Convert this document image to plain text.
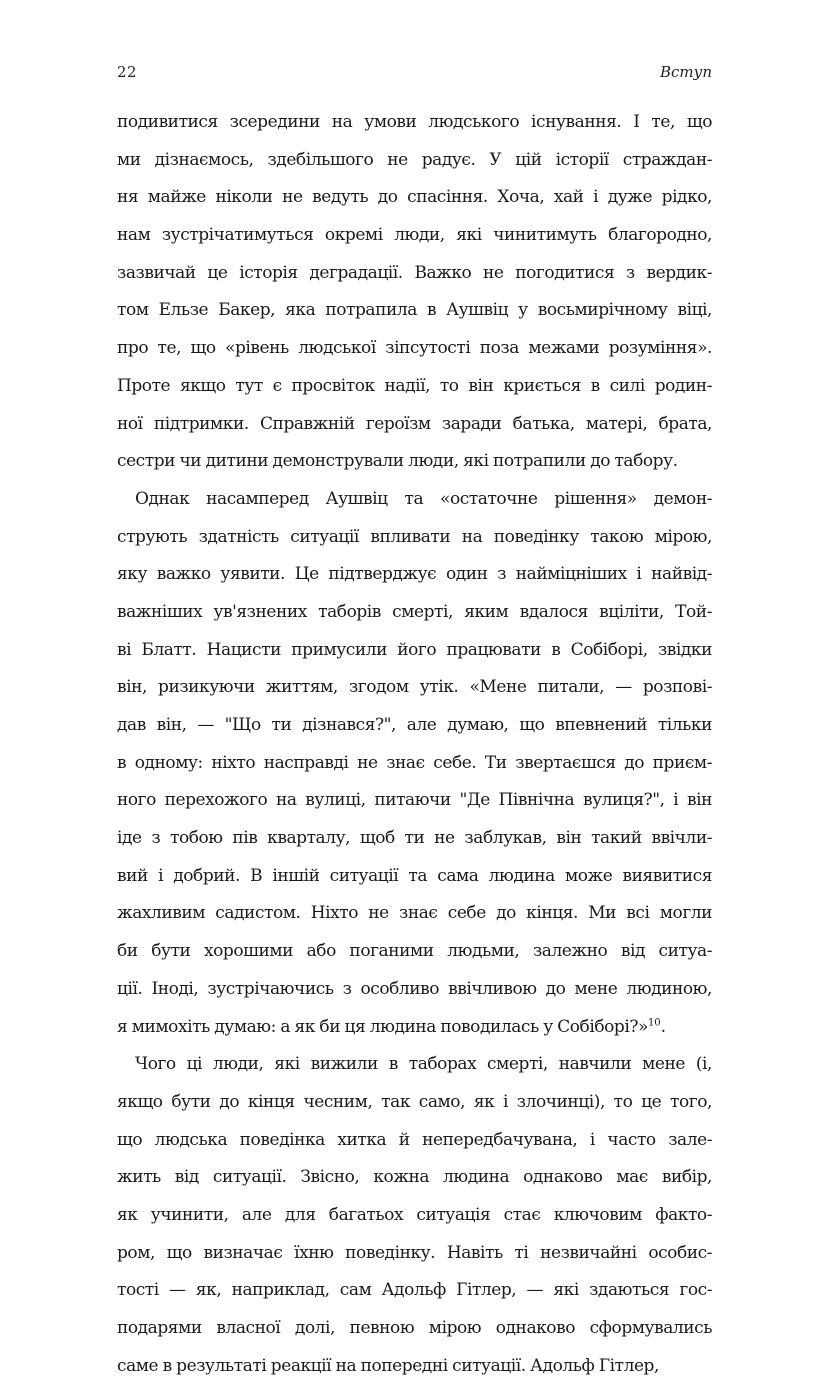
22	Вступ
подивитися зсередини на умови людського існування. І те, що
ми дізнаємось, здебільшого не радує. У цій історії страждан-
ня майже ніколи не ведуть до спасіння. Хоча, хай і дуже рідко,
нам зустрічатимуться окремі люди, які чинитимуть благородно,
зазвичай це історія деградації. Важко не погодитися з вердик-
том Ельзе Бакер, яка потрапила в Аушвіц у восьмирічному віці,
про те, що «рівень людської зіпсутості поза межами розуміння».
Проте якщо тут є просвіток надії, то він криється в силі родин-
ної підтримки. Справжній героїзм заради батька, матері, брата,
сестри чи дитини демонстрували люди, які потрапили до табору.
Однак насамперед Аушвіц та «остаточне рішення» демон-
струють здатність ситуації впливати на поведінку такою мірою,
яку важко уявити. Це підтверджує один з найміцніших і найвід-
важніших ув'язнених таборів смерті, яким вдалося вціліти, Той-
ві Блатт. Нацисти примусили його працювати в Собіборі, звідки
він, ризикуючи життям, згодом утік. «Мене питали, — розпові-
дав він, — "Що ти дізнався?", але думаю, що впевнений тільки
в одному: ніхто насправді не знає себе. Ти звертаєшся до приєм-
ного перехожого на вулиці, питаючи "Де Північна вулиця?", і він
іде з тобою пів кварталу, щоб ти не заблукав, він такий ввічли-
вий і добрий. В іншій ситуації та сама людина може виявитися
жахливим садистом. Ніхто не знає себе до кінця. Ми всі могли
би бути хорошими або поганими людьми, залежно від ситуа-
ції. Іноді, зустрічаючись з особливо ввічливою до мене людиною,
я мимохіть думаю: а як би ця людина поводилась у Собіборі?»$^{10}$.
Чого ці люди, які вижили в таборах смерті, навчили мене (і,
якщо бути до кінця чесним, так само, як і злочинці), то це того,
що людська поведінка хитка й непередбачувана, і часто зале-
жить від ситуації. Звісно, кожна людина однаково має вибір,
як учинити, але для багатьох ситуація стає ключовим факто-
ром, що визначає їхню поведінку. Навіть ті незвичайні особис-
тості — як, наприклад, сам Адольф Гітлер, — які здаються гос-
подарями власної долі, певною мірою однаково сформувались
саме в результаті реакції на попередні ситуації. Адольф Гітлер,
